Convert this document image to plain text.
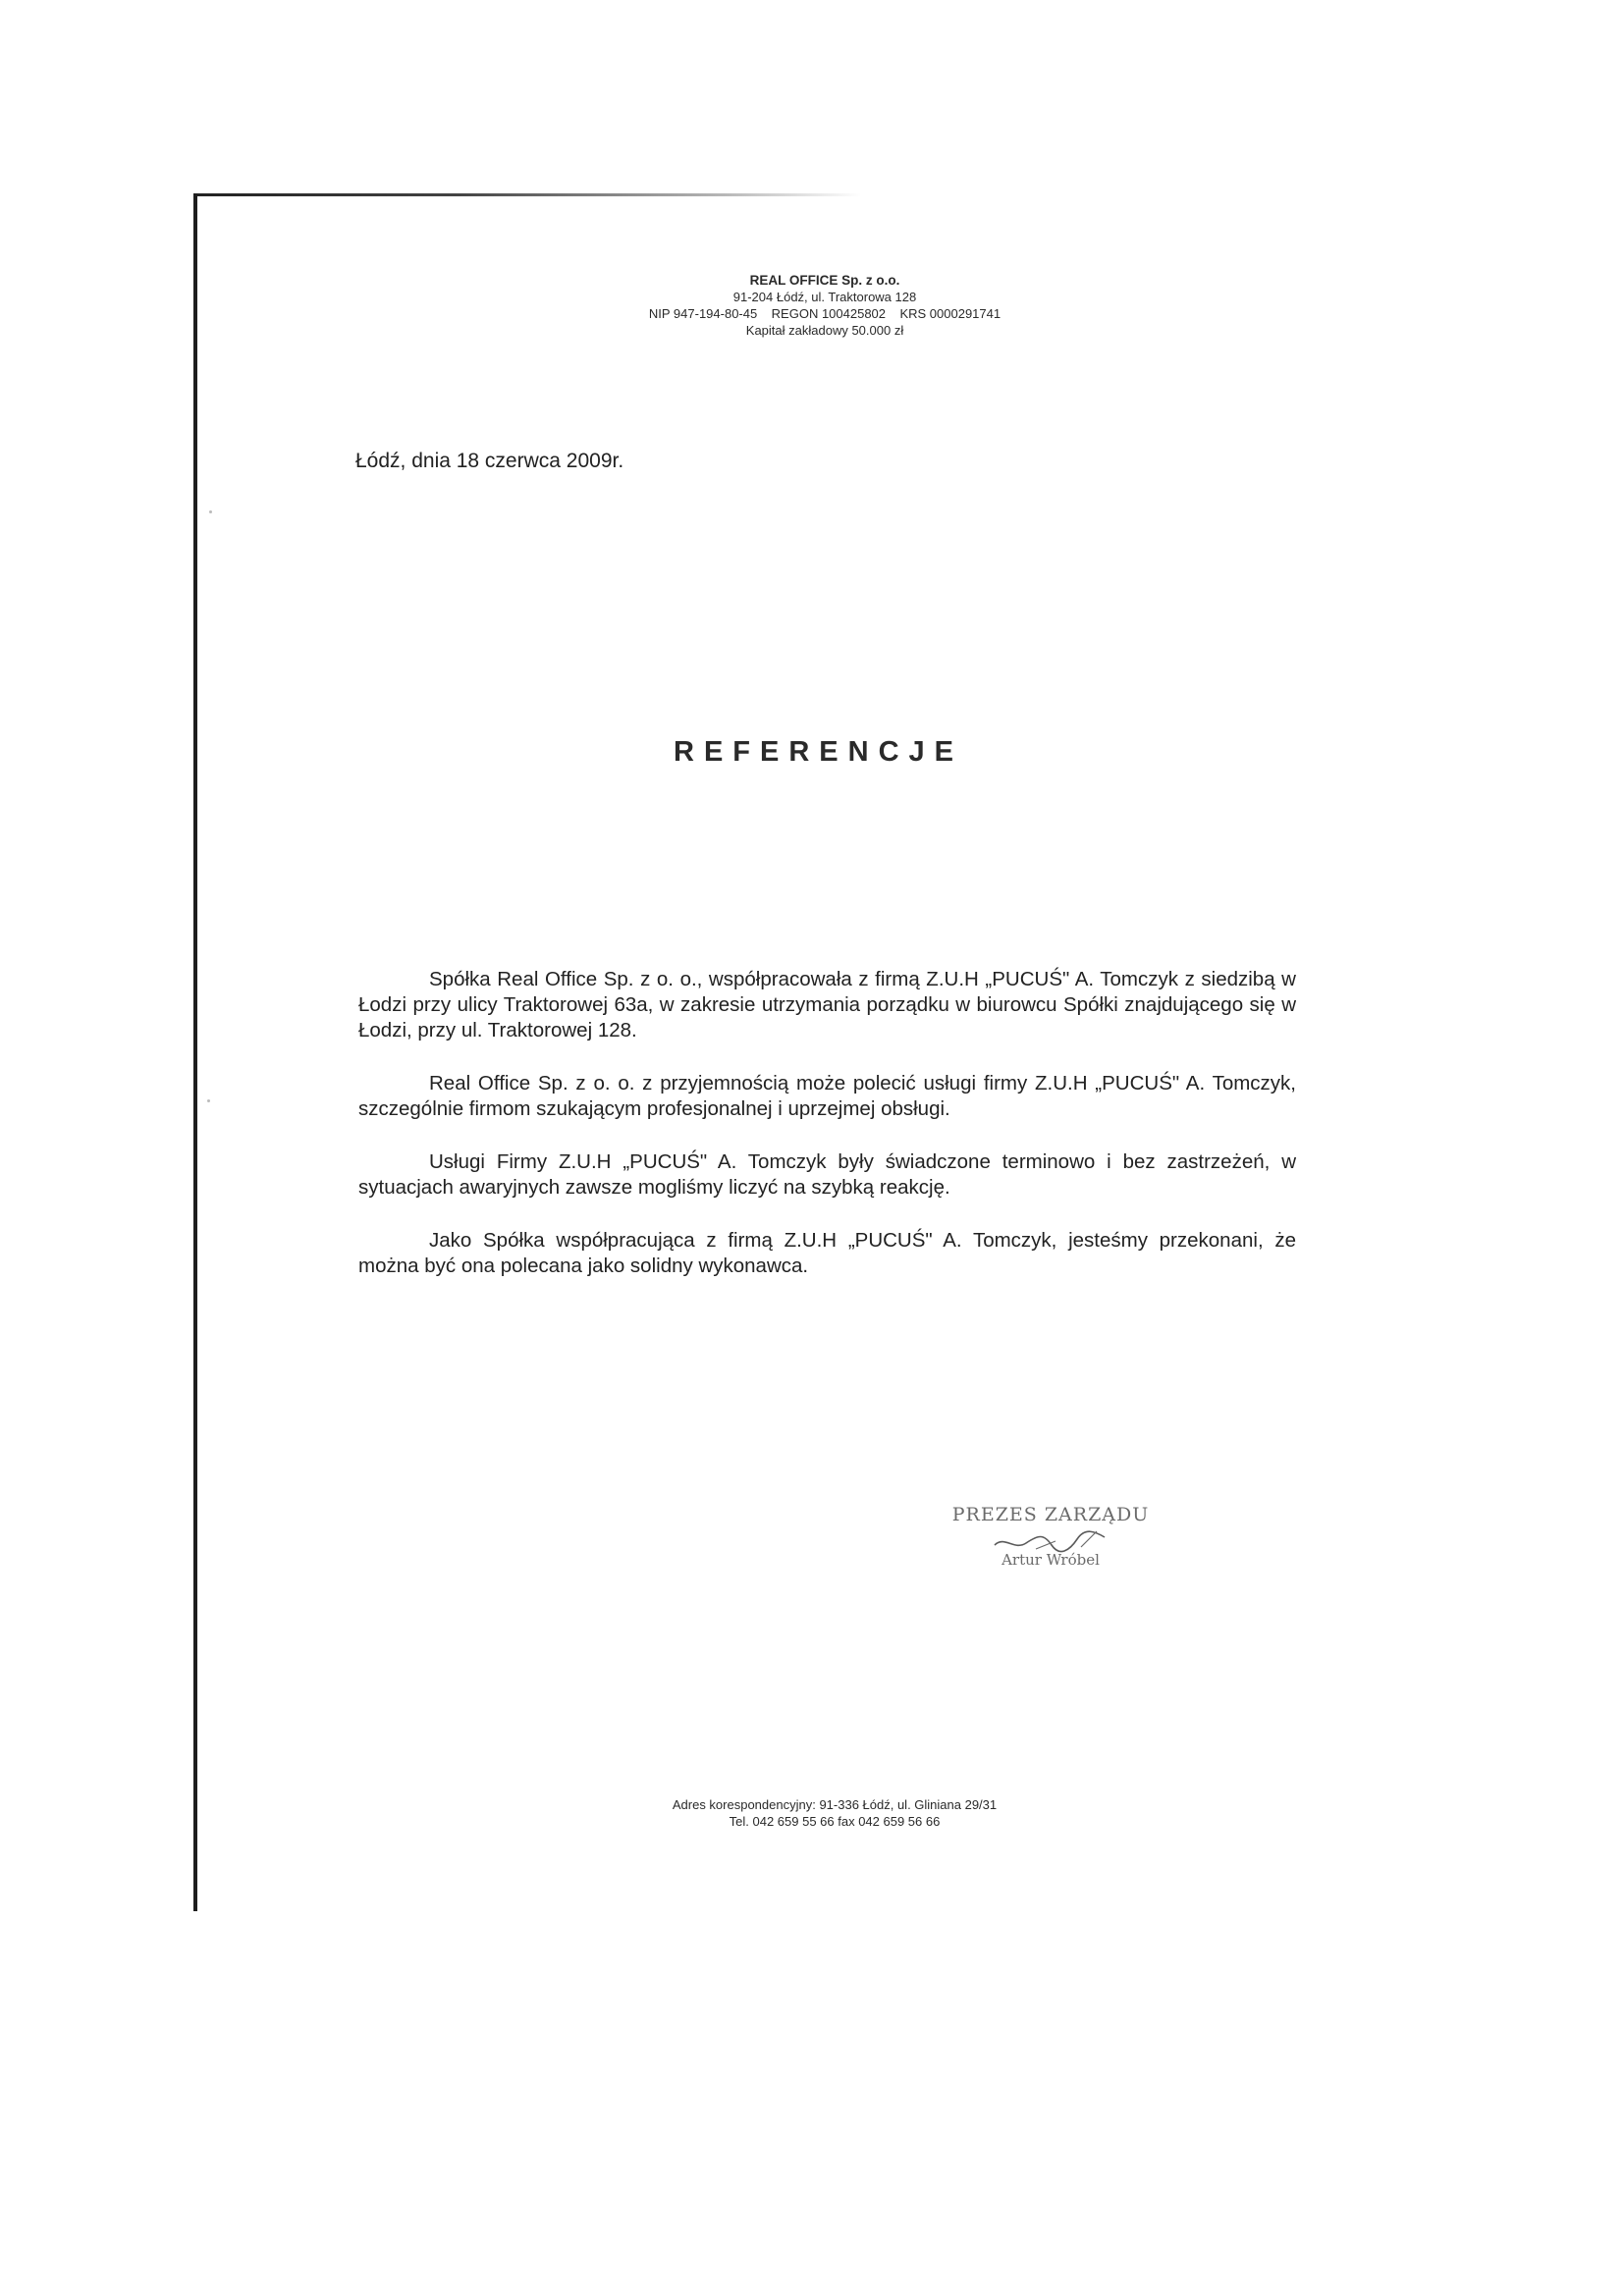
REAL OFFICE Sp. z o.o.
91-204 Łódź, ul. Traktorowa 128
NIP 947-194-80-45    REGON 100425802    KRS 0000291741
Kapitał zakładowy 50.000 zł
Łódź, dnia 18 czerwca 2009r.
REFERENCJE

Spółka Real Office Sp. z o. o., współpracowała z firmą Z.U.H „PUCUŚ" A. Tomczyk z siedzibą w Łodzi przy ulicy Traktorowej 63a, w zakresie utrzymania porządku w biurowcu Spółki znajdującego się w Łodzi, przy ul. Traktorowej 128.

Real Office Sp. z o. o. z przyjemnością może polecić usługi firmy Z.U.H „PUCUŚ" A. Tomczyk, szczególnie firmom szukającym profesjonalnej i uprzejmej obsługi.

Usługi Firmy Z.U.H „PUCUŚ" A. Tomczyk były świadczone terminowo i bez zastrzeżeń, w sytuacjach awaryjnych zawsze mogliśmy liczyć na szybką reakcję.

Jako Spółka współpracująca z firmą Z.U.H „PUCUŚ" A. Tomczyk, jesteśmy przekonani, że można być ona polecana jako solidny wykonawca.

PREZES ZARZĄDU
Artur Wróbel
Adres korespondencyjny: 91-336 Łódź, ul. Gliniana 29/31
Tel. 042 659 55 66 fax 042 659 56 66
